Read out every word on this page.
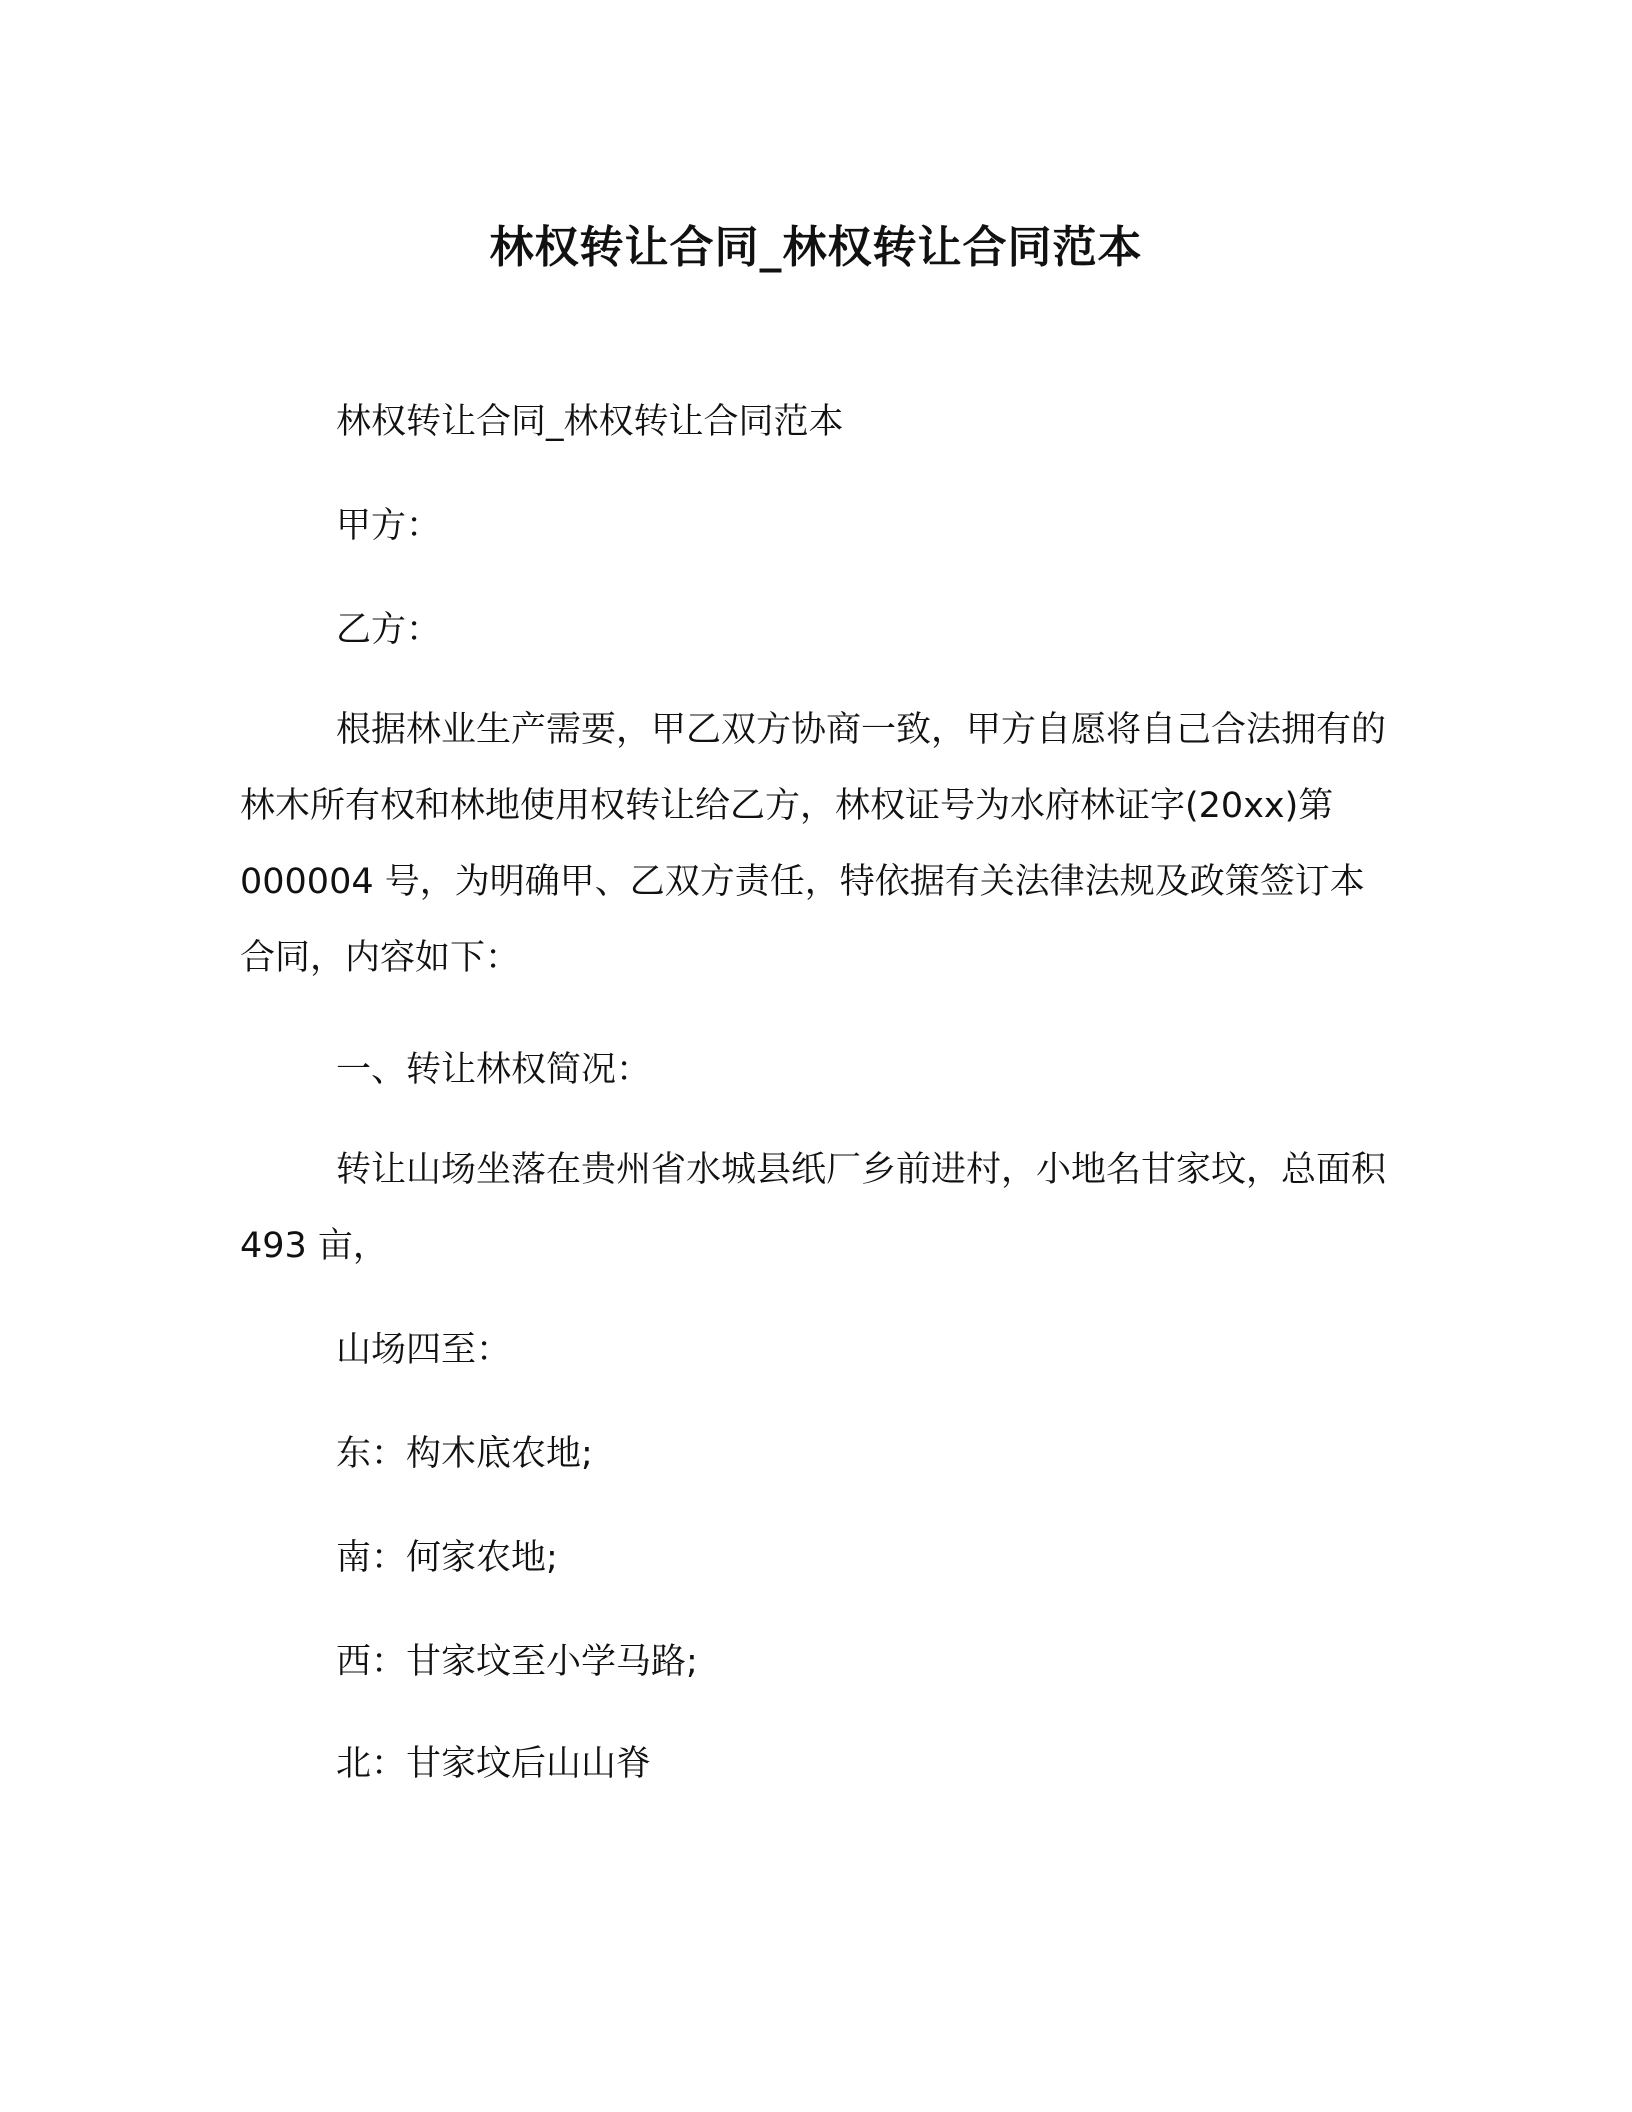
林权转让合同_林权转让合同范本

林权转让合同_林权转让合同范本

甲方：

乙方：

根据林业生产需要，甲乙双方协商一致，甲方自愿将自己合法拥有的林木所有权和林地使用权转让给乙方，林权证号为水府林证字(20xx)第 000004 号，为明确甲、乙双方责任，特依据有关法律法规及政策签订本合同，内容如下：

一、转让林权简况：

转让山场坐落在贵州省水城县纸厂乡前进村，小地名甘家坟，总面积 493 亩，

山场四至：

东：构木底农地;

南：何家农地;

西：甘家坟至小学马路;

北：甘家坟后山山脊
